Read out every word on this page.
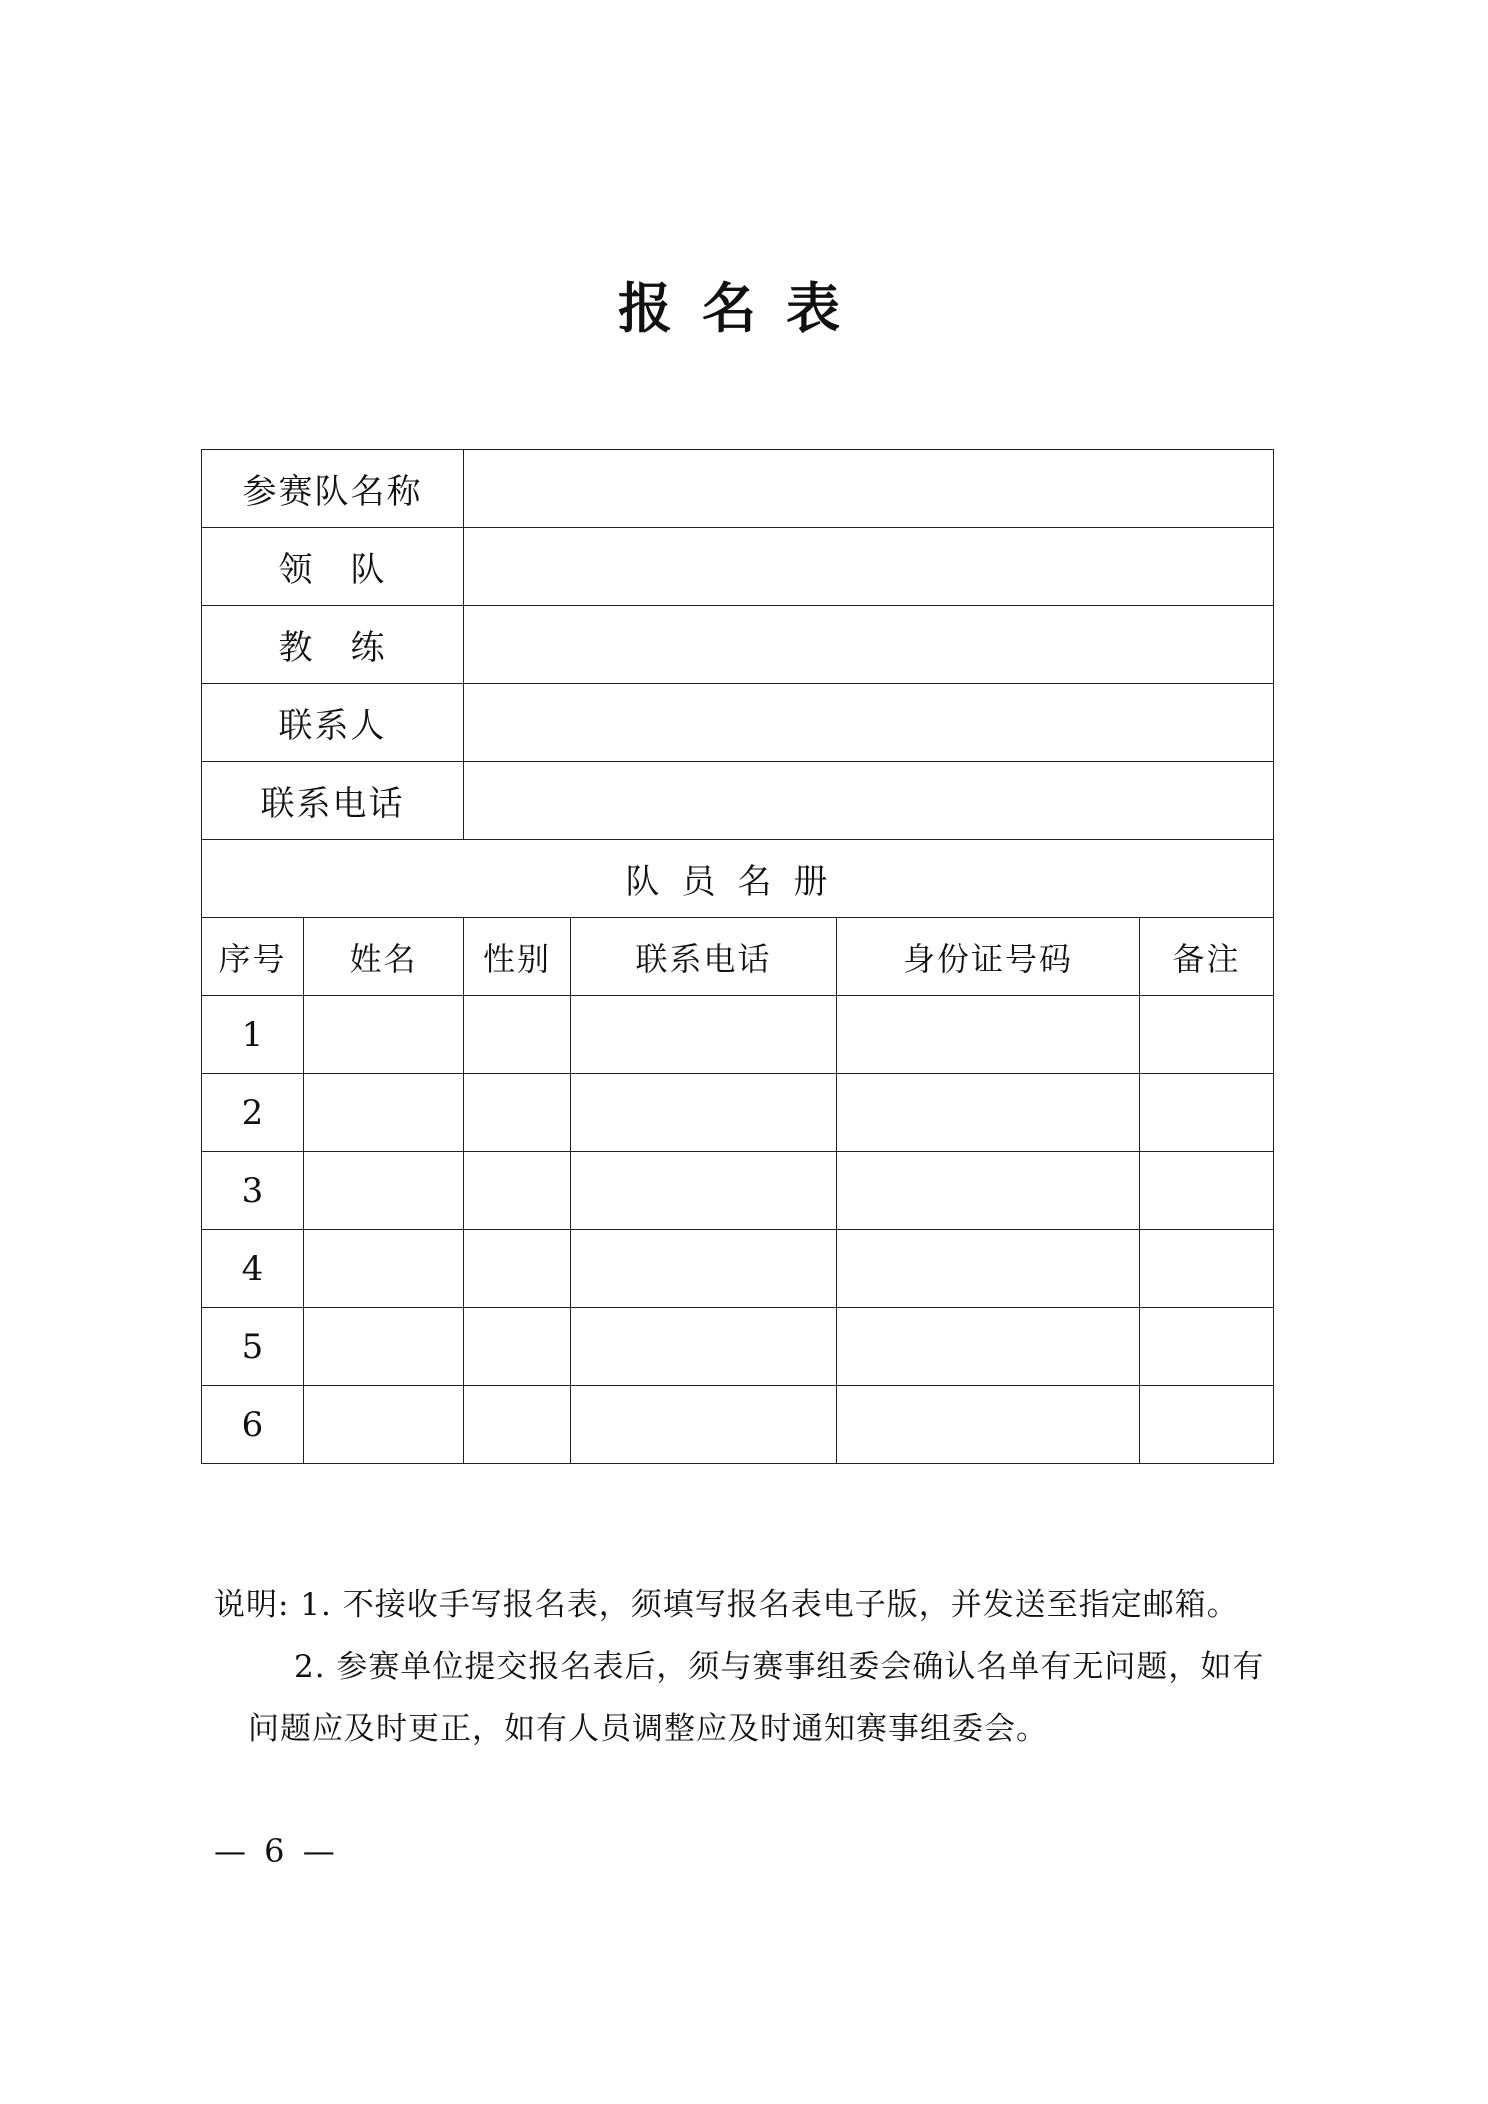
报名表
参赛队名称					
领　队					
教　练					
联系人					
联系电话					
队员名册					
序号	姓名	性别	联系电话	身份证号码	备注
1					
2					
3					
4					
5					
6					

说明: 1. 不接收手写报名表，须填写报名表电子版，并发送至指定邮箱。

2. 参赛单位提交报名表后，须与赛事组委会确认名单有无问题，如有

问题应及时更正，如有人员调整应及时通知赛事组委会。

— 6 —
